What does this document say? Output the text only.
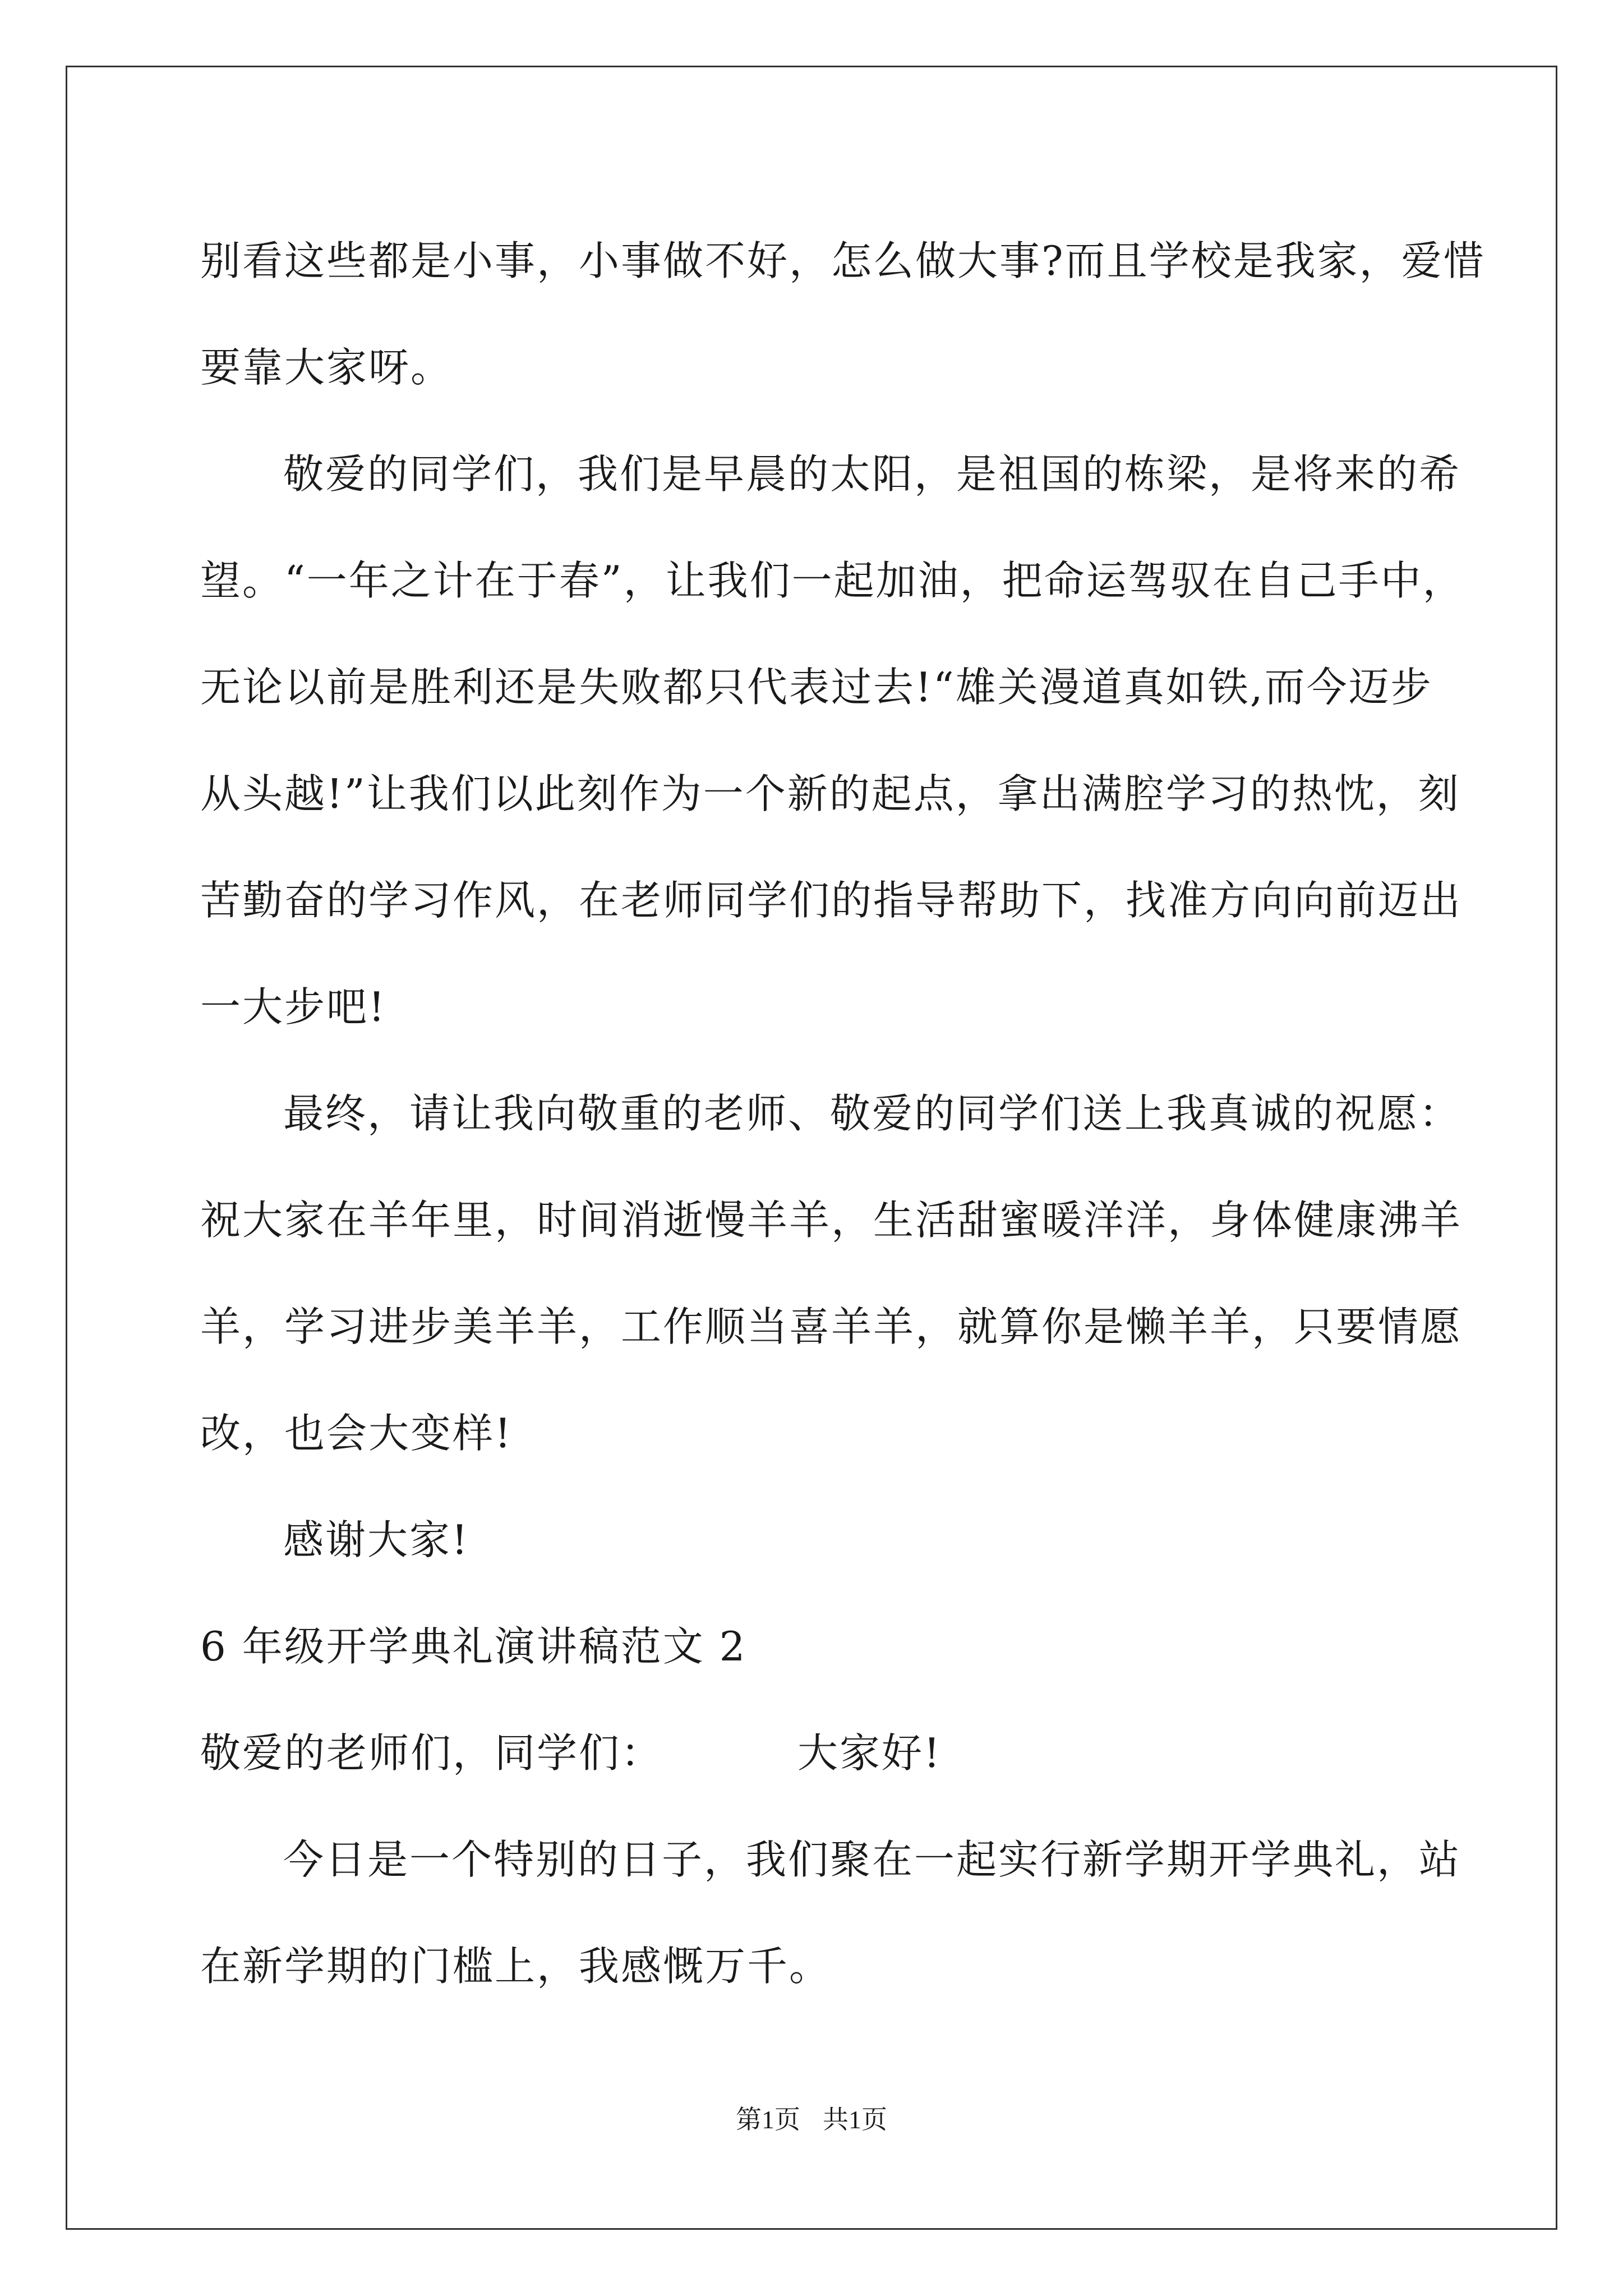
别看这些都是小事，小事做不好，怎么做大事?而且学校是我家，爱惜
要靠大家呀。
敬爱的同学们，我们是早晨的太阳，是祖国的栋梁，是将来的希
望。“一年之计在于春”，让我们一起加油，把命运驾驭在自己手中，
无论以前是胜利还是失败都只代表过去!“雄关漫道真如铁,而今迈步
从头越!”让我们以此刻作为一个新的起点，拿出满腔学习的热忱，刻
苦勤奋的学习作风，在老师同学们的指导帮助下，找准方向向前迈出
一大步吧!
最终，请让我向敬重的老师、敬爱的同学们送上我真诚的祝愿：
祝大家在羊年里，时间消逝慢羊羊，生活甜蜜暖洋洋，身体健康沸羊
羊，学习进步美羊羊，工作顺当喜羊羊，就算你是懒羊羊，只要情愿
改，也会大变样!
感谢大家!
6 年级开学典礼演讲稿范文 2
敬爱的老师们，同学们：	大家好!
今日是一个特别的日子，我们聚在一起实行新学期开学典礼，站
在新学期的门槛上，我感慨万千。
第1页 共1页
